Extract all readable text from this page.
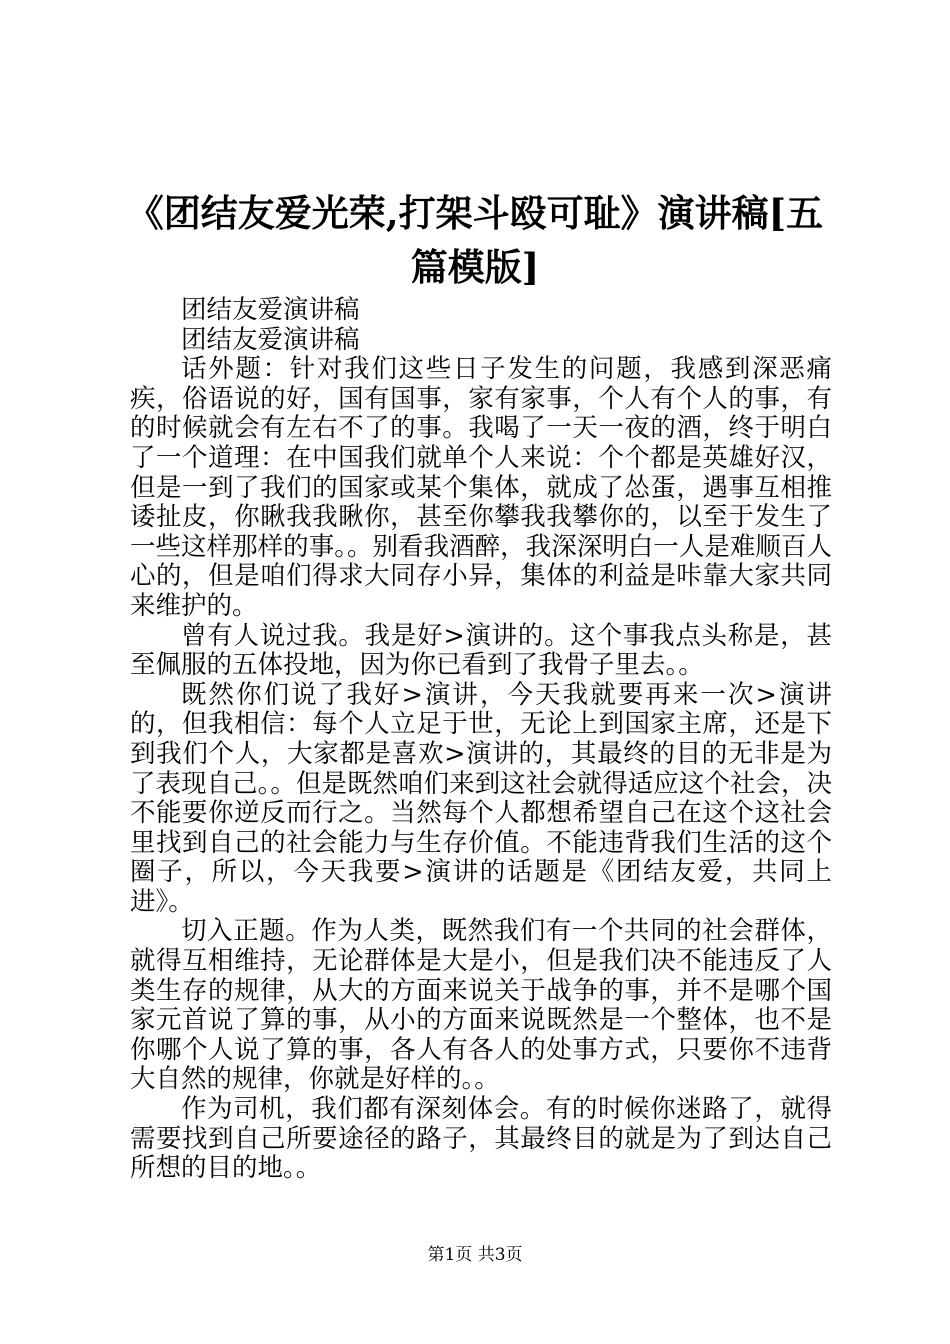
《团结友爱光荣,打架斗殴可耻》演讲稿[五篇模版]

团结友爱演讲稿

团结友爱演讲稿

话外题：针对我们这些日子发生的问题，我感到深恶痛疾，俗语说的好，国有国事，家有家事，个人有个人的事，有的时候就会有左右不了的事。我喝了一天一夜的酒，终于明白了一个道理：在中国我们就单个人来说：个个都是英雄好汉，但是一到了我们的国家或某个集体，就成了怂蛋，遇事互相推诿扯皮，你瞅我我瞅你，甚至你攀我我攀你的，以至于发生了一些这样那样的事。。别看我酒醉，我深深明白一人是难顺百人心的，但是咱们得求大同存小异，集体的利益是咔靠大家共同来维护的。

曾有人说过我。我是好>演讲的。这个事我点头称是，甚至佩服的五体投地，因为你已看到了我骨子里去。。

既然你们说了我好>演讲，今天我就要再来一次>演讲的，但我相信：每个人立足于世，无论上到国家主席，还是下到我们个人，大家都是喜欢>演讲的，其最终的目的无非是为了表现自己。。但是既然咱们来到这社会就得适应这个社会，决不能要你逆反而行之。当然每个人都想希望自己在这个这社会里找到自己的社会能力与生存价值。不能违背我们生活的这个圈子，所以，今天我要>演讲的话题是《团结友爱，共同上进》。

切入正题。作为人类，既然我们有一个共同的社会群体，就得互相维持，无论群体是大是小，但是我们决不能违反了人类生存的规律，从大的方面来说关于战争的事，并不是哪个国家元首说了算的事，从小的方面来说既然是一个整体，也不是你哪个人说了算的事，各人有各人的处事方式，只要你不违背大自然的规律，你就是好样的。。

作为司机，我们都有深刻体会。有的时候你迷路了，就得需要找到自己所要途径的路子，其最终目的就是为了到达自己所想的目的地。。

第1页 共3页
